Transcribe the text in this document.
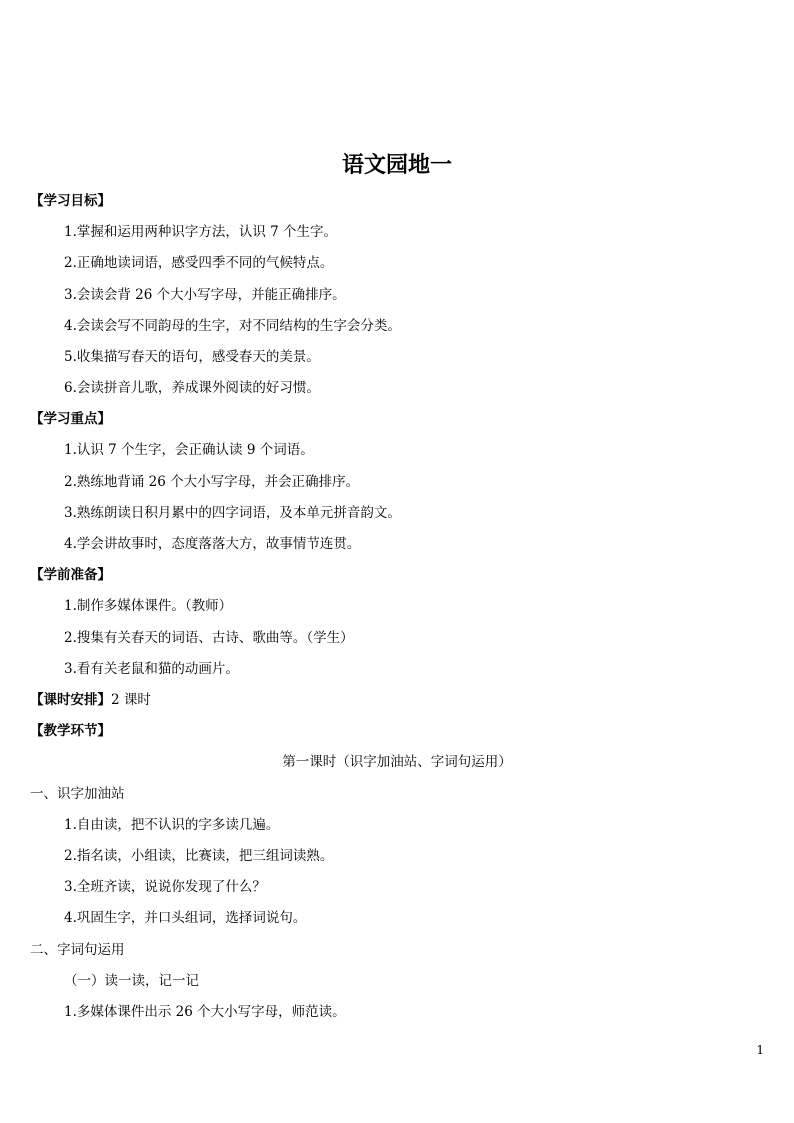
语文园地一
【学习目标】
1.掌握和运用两种识字方法，认识 7 个生字。
2.正确地读词语，感受四季不同的气候特点。
3.会读会背 26 个大小写字母，并能正确排序。
4.会读会写不同韵母的生字，对不同结构的生字会分类。
5.收集描写春天的语句，感受春天的美景。
6.会读拼音儿歌，养成课外阅读的好习惯。
【学习重点】
1.认识 7 个生字，会正确认读 9 个词语。
2.熟练地背诵 26 个大小写字母，并会正确排序。
3.熟练朗读日积月累中的四字词语，及本单元拼音韵文。
4.学会讲故事时，态度落落大方，故事情节连贯。
【学前准备】
1.制作多媒体课件。（教师）
2.搜集有关春天的词语、古诗、歌曲等。（学生）
3.看有关老鼠和猫的动画片。
【课时安排】2 课时
【教学环节】
第一课时（识字加油站、字词句运用）
一、识字加油站
1.自由读，把不认识的字多读几遍。
2.指名读，小组读，比赛读，把三组词读熟。
3.全班齐读，说说你发现了什么？
4.巩固生字，并口头组词，选择词说句。
二、字词句运用
（一）读一读，记一记
1.多媒体课件出示 26 个大小写字母，师范读。
1
